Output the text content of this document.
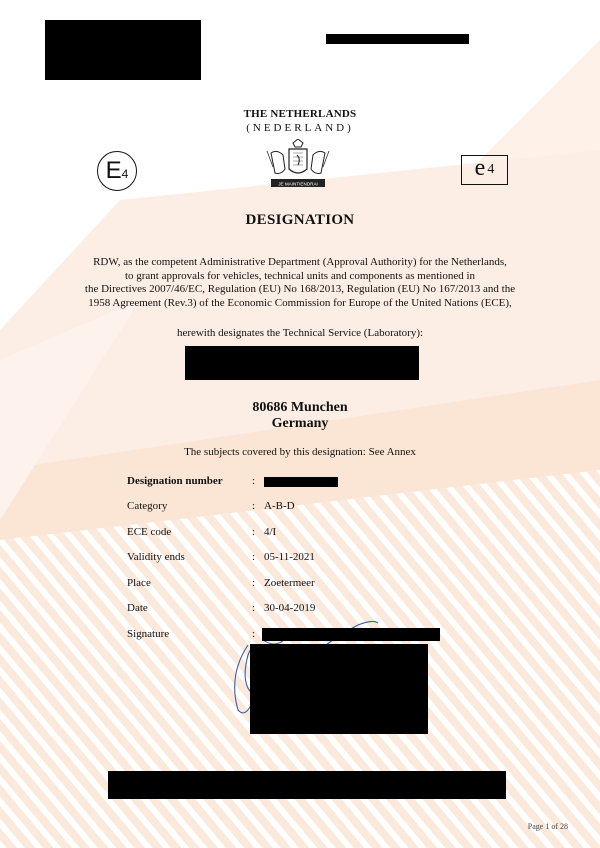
THE NETHERLANDS
(NEDERLAND)
E 4	e 4
JE MAINTIENDRAI
DESIGNATION
RDW, as the competent Administrative Department (Approval Authority) for the Netherlands,
to grant approvals for vehicles, technical units and components as mentioned in
the Directives 2007/46/EC, Regulation (EU) No 168/2013, Regulation (EU) No 167/2013 and the
1958 Agreement (Rev.3) of the Economic Commission for Europe of the United Nations (ECE),
herewith designates the Technical Service (Laboratory):
80686 Munchen
Germany
The subjects covered by this designation: See Annex
Designation number	:
Category	: A-B-D
ECE code	: 4/I
Validity ends	: 05-11-2021
Place	: Zoetermeer
Date	: 30-04-2019
Signature	:
Page 1 of 28
